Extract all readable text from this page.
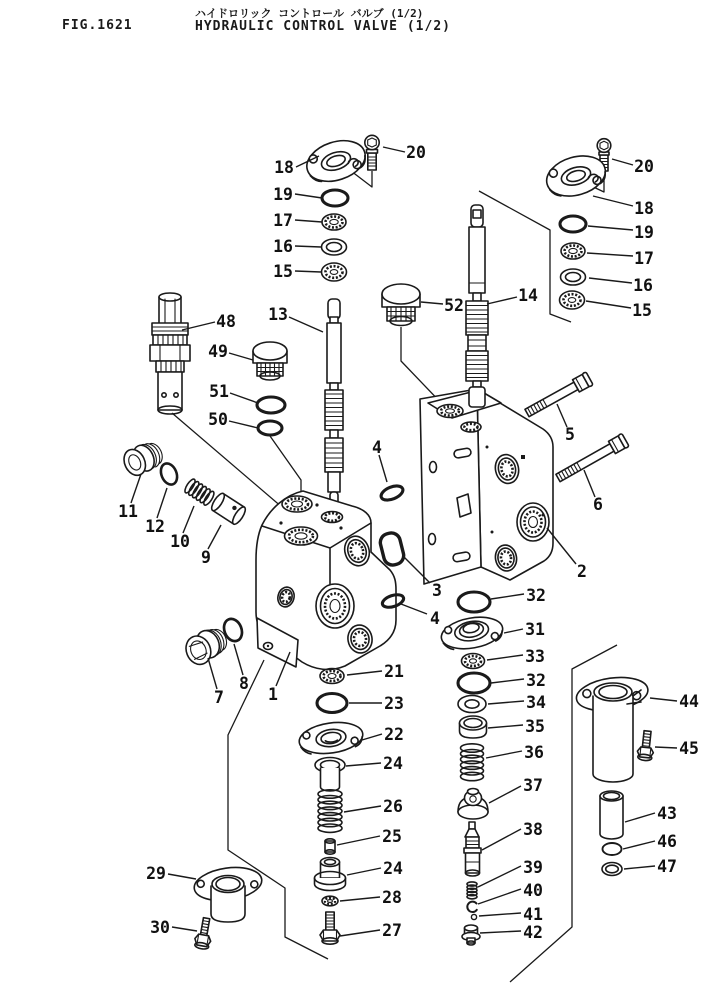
FIG.1621
ハイドロリック コントロール バルブ (1/2)
HYDRAULIC CONTROL VALVE (1/2)
18
19
17
16
15
20
13
48
49
51
50
11
12
10
9
20
18
19
17
16
15
14
52
5
6
2
4
3
4
1
7
8
21
23
22
24
26
25
24
28
27
29
30
32
31
33
32
34
35
36
37
38
39
40
41
42
44
45
43
46
47
